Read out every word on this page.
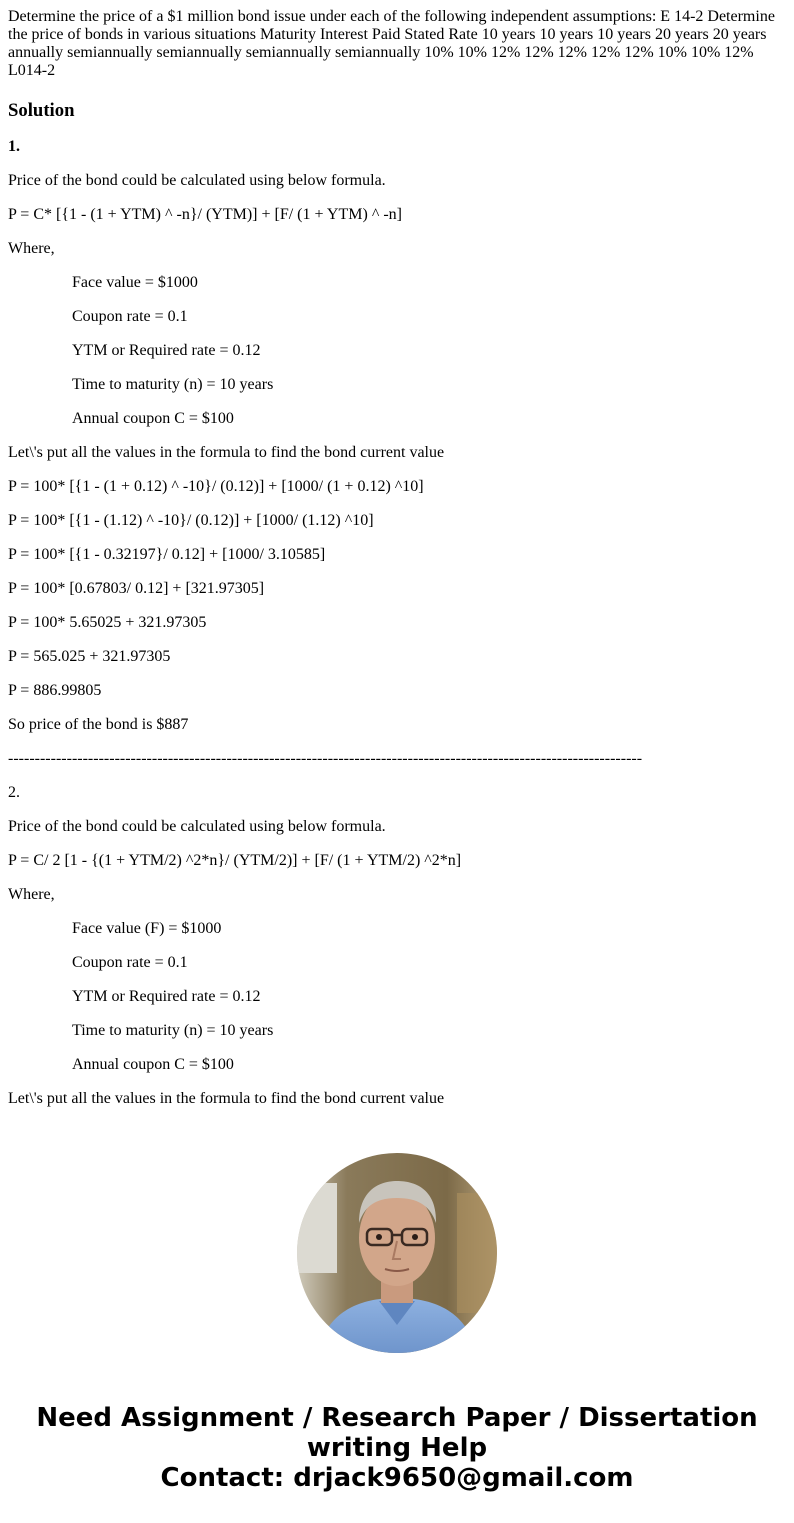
Determine the price of a $1 million bond issue under each of the following independent assumptions: E 14-2 Determine the price of bonds in various situations Maturity Interest Paid Stated Rate 10 years 10 years 10 years 20 years 20 years annually semiannually semiannually semiannually semiannually 10% 10% 12% 12% 12% 12% 12% 10% 10% 12% L014-2
Solution

1.

Price of the bond could be calculated using below formula.

P = C* [{1 - (1 + YTM) ^ -n}/ (YTM)] + [F/ (1 + YTM) ^ -n]

Where,

Face value = $1000

Coupon rate = 0.1

YTM or Required rate = 0.12

Time to maturity (n) = 10 years

Annual coupon C = $100

Let\'s put all the values in the formula to find the bond current value

P = 100* [{1 - (1 + 0.12) ^ -10}/ (0.12)] + [1000/ (1 + 0.12) ^10]

P = 100* [{1 - (1.12) ^ -10}/ (0.12)] + [1000/ (1.12) ^10]

P = 100* [{1 - 0.32197}/ 0.12] + [1000/ 3.10585]

P = 100* [0.67803/ 0.12] + [321.97305]

P = 100* 5.65025 + 321.97305

P = 565.025 + 321.97305

P = 886.99805

So price of the bond is $887

-----------------------------------------------------------------------------------------------------------------------

2.

Price of the bond could be calculated using below formula.

P = C/ 2 [1 - {(1 + YTM/2) ^2*n}/ (YTM/2)] + [F/ (1 + YTM/2) ^2*n]

Where,

Face value (F) = $1000

Coupon rate = 0.1

YTM or Required rate = 0.12

Time to maturity (n) = 10 years

Annual coupon C = $100

Let\'s put all the values in the formula to find the bond current value

Need Assignment / Research Paper / Dissertation
writing Help
Contact: drjack9650@gmail.com
